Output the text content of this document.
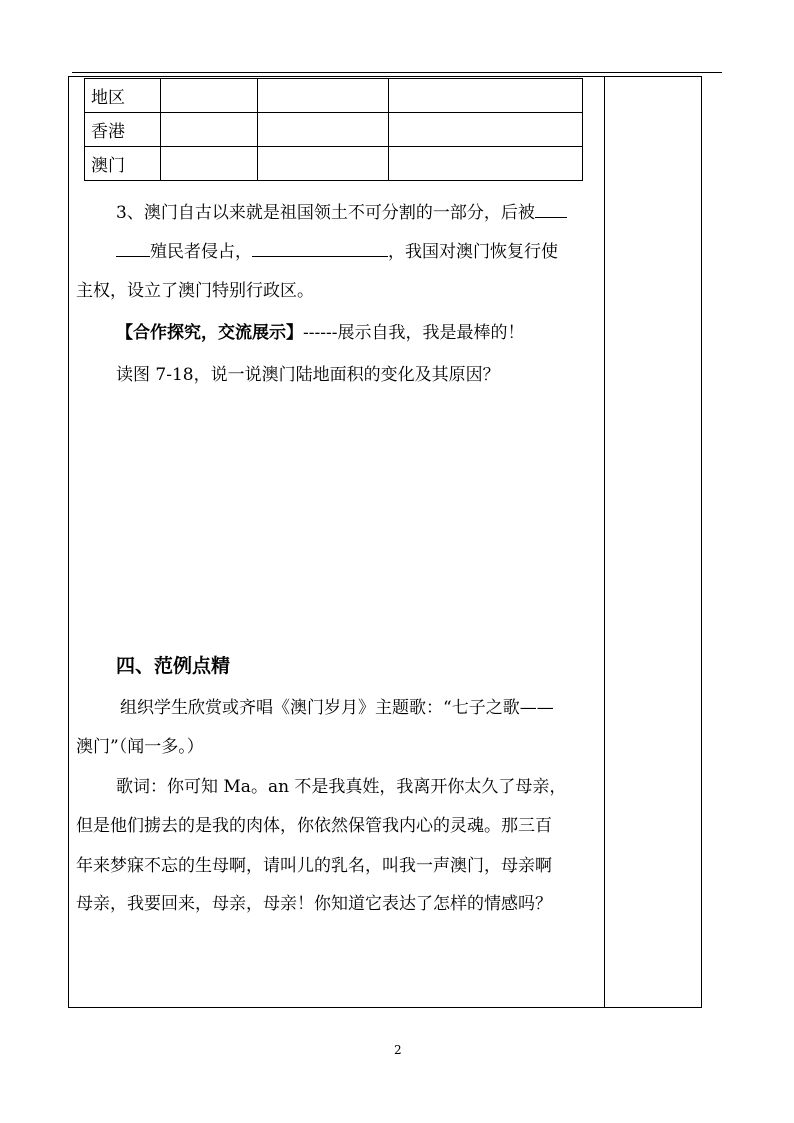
地区			
香港			
澳门			
3、澳门自古以来就是祖国领土不可分割的一部分，后被
殖民者侵占，	，我国对澳门恢复行使
主权，设立了澳门特别行政区。
【合作探究，交流展示】------展示自我，我是最棒的！
读图 7-18，说一说澳门陆地面积的变化及其原因？
四、范例点精
组织学生欣赏或齐唱《澳门岁月》主题歌：“七子之歌——
澳门”（闻一多。）
歌词：你可知 Ma。an 不是我真姓，我离开你太久了母亲，
但是他们掳去的是我的肉体，你依然保管我内心的灵魂。那三百
年来梦寐不忘的生母啊，请叫儿的乳名，叫我一声澳门，母亲啊
母亲，我要回来，母亲，母亲！你知道它表达了怎样的情感吗？
2
